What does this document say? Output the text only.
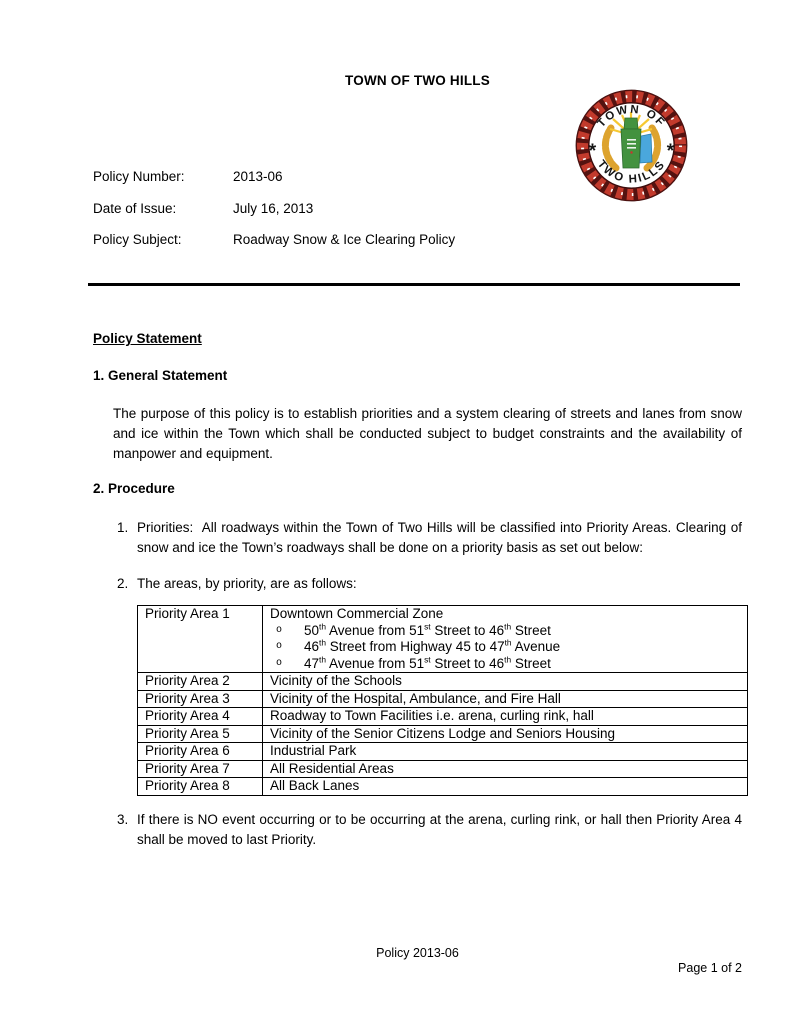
TOWN OF TWO HILLS
TOWN OF
TWO HILLS
*	*
Policy Number:	2013-06
Date of Issue:	July 16, 2013
Policy Subject:	Roadway Snow & Ice Clearing Policy
Policy Statement
1. General Statement
The purpose of this policy is to establish priorities and a system clearing of streets and lanes from snow and ice within the Town which shall be conducted subject to budget constraints and the availability of manpower and equipment.
2. Procedure
1. Priorities:  All roadways within the Town of Two Hills will be classified into Priority Areas. Clearing of snow and ice the Town’s roadways shall be done on a priority basis as set out below:
2. The areas, by priority, are as follows:
Priority Area 1	Downtown Commercial Zone
o	50th Avenue from 51st Street to 46th Street
o	46th Street from Highway 45 to 47th Avenue
o	47th Avenue from 51st Street to 46th Street

Priority Area 2	Vicinity of the Schools

Priority Area 3	Vicinity of the Hospital, Ambulance, and Fire Hall

Priority Area 4	Roadway to Town Facilities i.e. arena, curling rink, hall

Priority Area 5	Vicinity of the Senior Citizens Lodge and Seniors Housing

Priority Area 6	Industrial Park

Priority Area 7	All Residential Areas

Priority Area 8	All Back Lanes
3. If there is NO event occurring or to be occurring at the arena, curling rink, or hall then Priority Area 4 shall be moved to last Priority.
Policy 2013-06
Page 1 of 2
